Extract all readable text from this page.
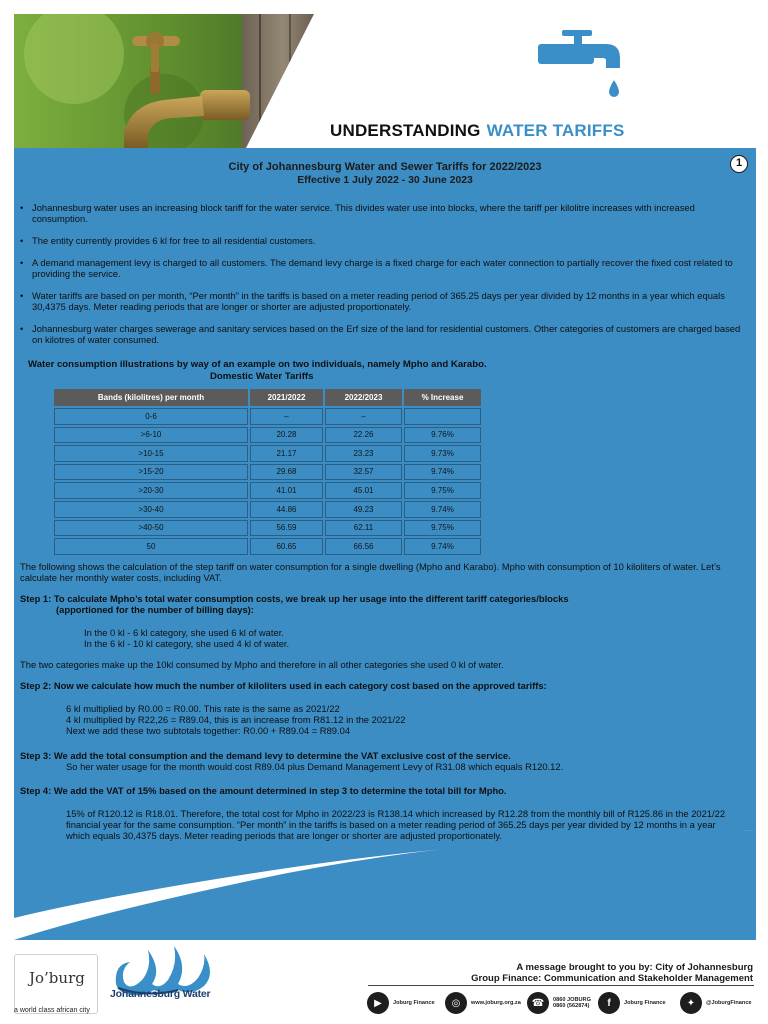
UNDERSTANDING WATER TARIFFS
1
City of Johannesburg Water and Sewer Tariffs for 2022/2023
Effective 1 July 2022 - 30 June 2023
• Johannesburg water uses an increasing block tariff for the water service. This divides water use into blocks, where the tariff per kilolitre increases with increased consumption.
• The entity currently provides 6 kl for free to all residential customers.
• A demand management levy is charged to all customers. The demand levy charge is a fixed charge for each water connection to partially recover the fixed cost related to providing the service.
• Water tariffs are based on per month, “Per month” in the tariffs is based on a meter reading period of 365.25 days per year divided by 12 months in a year which equals 30,4375 days. Meter reading periods that are longer or shorter are adjusted proportionately.
• Johannesburg water charges sewerage and sanitary services based on the Erf size of the land for residential customers. Other categories of customers are charged based on kilotres of water consumed.
Water consumption illustrations by way of an example on two individuals, namely Mpho and Karabo.
Domestic Water Tariffs
Bands (kilolitres) per month	2021/2022	2022/2023	% Increase
0-6	–	–	
>6-10	20.28	22.26	9.76%
>10-15	21.17	23.23	9.73%
>15-20	29.68	32.57	9.74%
>20-30	41.01	45.01	9.75%
>30-40	44.86	49.23	9.74%
>40-50	56.59	62.11	9.75%
50	60.65	66.56	9.74%
The following shows the calculation of the step tariff on water consumption for a single dwelling (Mpho and Karabo). Mpho with consumption of 10 kiloliters of water. Let’s calculate her monthly water costs, including VAT.
Step 1: To calculate Mpho’s total water consumption costs, we break up her usage into the different tariff categories/blocks
(apportioned for the number of billing days):
In the 0 kl - 6 kl category, she used 6 kl of water.
In the 6 kl - 10 kl category, she used 4 kl of water.
The two categories make up the 10kl consumed by Mpho and therefore in all other categories she used 0 kl of water.
Step 2: Now we calculate how much the number of kiloliters used in each category cost based on the approved tariffs:
6 kl multiplied by R0.00 = R0.00. This rate is the same as 2021/22
4 kl multiplied by R22,26 = R89.04, this is an increase from R81.12 in the 2021/22
Next we add these two subtotals together: R0.00 + R89.04 = R89.04
Step 3: We add the total consumption and the demand levy to determine the VAT exclusive cost of the service.
So her water usage for the month would cost R89.04 plus Demand Management Levy of R31.08 which equals R120.12.
Step 4: We add the VAT of 15% based on the amount determined in step 3 to determine the total bill for Mpho.
15% of R120.12 is R18.01. Therefore, the total cost for Mpho in 2022/23 is R138.14 which increased by R12.28 from the monthly bill of R125.86 in the 2021/22 financial year for the same consumption. “Per month” in the tariffs is based on a meter reading period of 365.25 days per year divided by 12 months in a year which equals 30,4375 days. Meter reading periods that are longer or shorter are adjusted proportionately.
Jo’burg
a world class african city
Johannesburg Water
A message brought to you by: City of Johannesburg
Group Finance: Communication and Stakeholder Management
▶	Joburg Finance	◎	www.joburg.org.za	☎	0860 JOBURG
0860 (562874)	f	Joburg Finance	✦	@JoburgFinance
